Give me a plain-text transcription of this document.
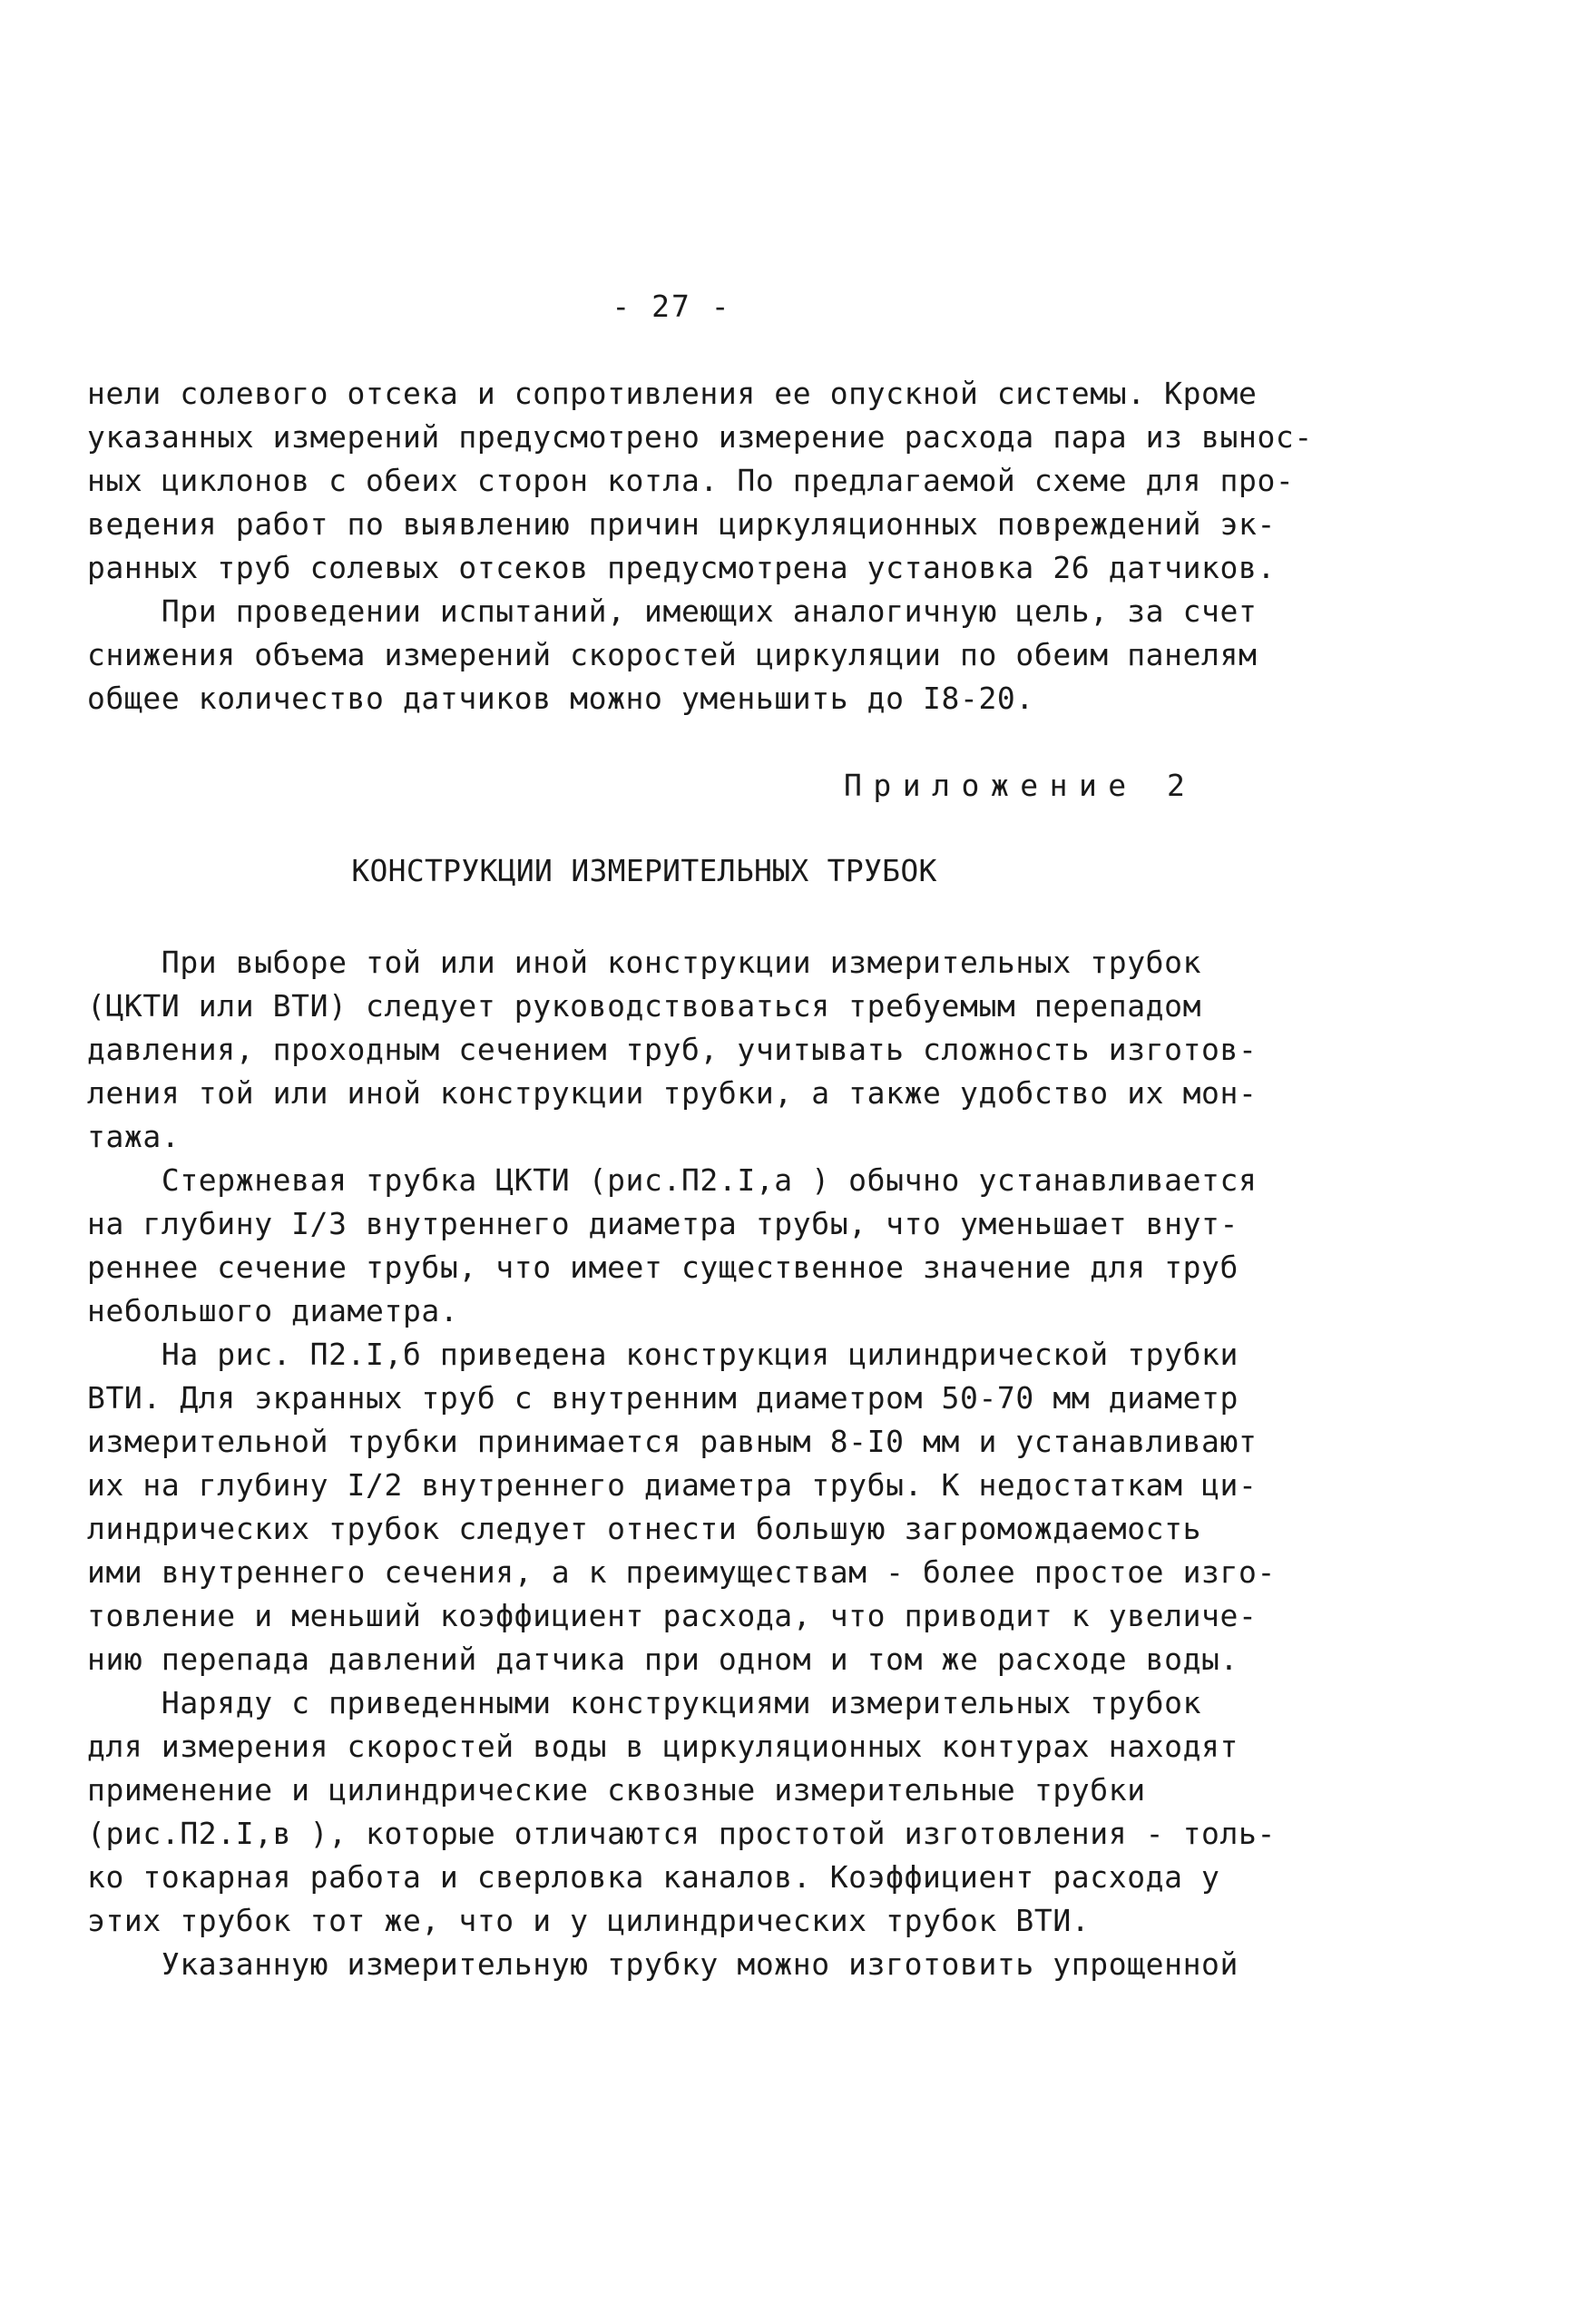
- 27 -
нели солевого отсека и сопротивления ее опускной системы. Кроме
указанных измерений предусмотрено измерение расхода пара из вынос-
ных циклонов с обеих сторон котла. По предлагаемой схеме для про-
ведения работ по выявлению причин циркуляционных повреждений эк-
ранных труб солевых отсеков предусмотрена установка 26 датчиков.
При проведении испытаний, имеющих аналогичную цель, за счет
снижения объема измерений скоростей циркуляции по обеим панелям
общее количество датчиков можно уменьшить до I8-20.
Приложение 2
КОНСТРУКЦИИ ИЗМЕРИТЕЛЬНЫХ ТРУБОК
При выборе той или иной конструкции измерительных трубок
(ЦКТИ или ВТИ) следует руководствоваться требуемым перепадом
давления, проходным сечением труб, учитывать сложность изготов-
ления той или иной конструкции трубки, а также удобство их мон-
тажа.
Стержневая трубка ЦКТИ (рис.П2.I,а ) обычно устанавливается
на глубину I/3 внутреннего диаметра трубы, что уменьшает внут-
реннее сечение трубы, что имеет существенное значение для труб
небольшого диаметра.
На рис. П2.I,б приведена конструкция цилиндрической трубки
ВТИ. Для экранных труб с внутренним диаметром 50-70 мм диаметр
измерительной трубки принимается равным 8-I0 мм и устанавливают
их на глубину I/2 внутреннего диаметра трубы. К недостаткам ци-
линдрических трубок следует отнести большую загромождаемость
ими внутреннего сечения, а к преимуществам - более простое изго-
товление и меньший коэффициент расхода, что приводит к увеличе-
нию перепада давлений датчика при одном и том же расходе воды.
Наряду с приведенными конструкциями измерительных трубок
для измерения скоростей воды в циркуляционных контурах находят
применение и цилиндрические сквозные измерительные трубки
(рис.П2.I,в ), которые отличаются простотой изготовления - толь-
ко токарная работа и сверловка каналов. Коэффициент расхода у
этих трубок тот же, что и у цилиндрических трубок ВТИ.
Указанную измерительную трубку можно изготовить упрощенной
